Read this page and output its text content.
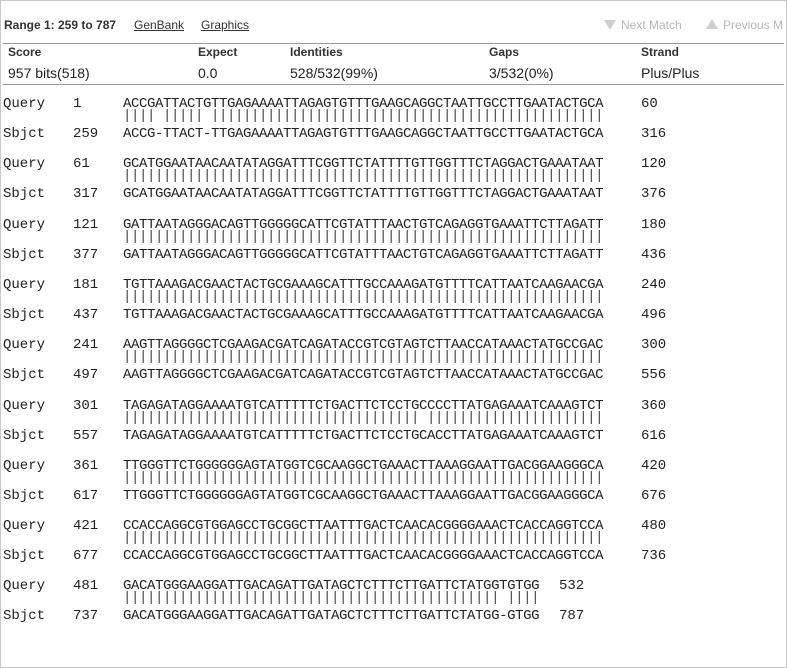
Range 1: 259 to 787 GenBank Graphics	Next Match	Previous M
Score	Expect	Identities	Gaps	Strand
957 bits(518)	0.0	528/532(99%)	3/532(0%)	Plus/Plus
Query 1	ACCGATTACTGTTGAGAAAATTAGAGTGTTTGAAGCAGGCTAATTGCCTTGAATACTGCA	60
|||| ||||| |||||||||||||||||||||||||||||||||||||||||||||||||
Sbjct 259 ACCG-TTACT-TTGAGAAAATTAGAGTGTTTGAAGCAGGCTAATTGCCTTGAATACTGCA	316
Query 61 GCATGGAATAACAATATAGGATTTCGGTTCTATTTTGTTGGTTTCTAGGACTGAAATAAT	120
||||||||||||||||||||||||||||||||||||||||||||||||||||||||||||
Sbjct 317 GCATGGAATAACAATATAGGATTTCGGTTCTATTTTGTTGGTTTCTAGGACTGAAATAAT	376
Query 121 GATTAATAGGGACAGTTGGGGGCATTCGTATTTAACTGTCAGAGGTGAAATTCTTAGATT	180
||||||||||||||||||||||||||||||||||||||||||||||||||||||||||||
Sbjct 377 GATTAATAGGGACAGTTGGGGGCATTCGTATTTAACTGTCAGAGGTGAAATTCTTAGATT	436
Query 181 TGTTAAAGACGAACTACTGCGAAAGCATTTGCCAAAGATGTTTTCATTAATCAAGAACGA	240
||||||||||||||||||||||||||||||||||||||||||||||||||||||||||||
Sbjct 437 TGTTAAAGACGAACTACTGCGAAAGCATTTGCCAAAGATGTTTTCATTAATCAAGAACGA	496
Query 241 AAGTTAGGGGCTCGAAGACGATCAGATACCGTCGTAGTCTTAACCATAAACTATGCCGAC	300
||||||||||||||||||||||||||||||||||||||||||||||||||||||||||||
Sbjct 497 AAGTTAGGGGCTCGAAGACGATCAGATACCGTCGTAGTCTTAACCATAAACTATGCCGAC	556
Query 301 TAGAGATAGGAAAATGTCATTTTTCTGACTTCTCCTGCCCCTTATGAGAAATCAAAGTCT	360
||||||||||||||||||||||||||||||||||||| ||||||||||||||||||||||
Sbjct 557 TAGAGATAGGAAAATGTCATTTTTCTGACTTCTCCTGCACCTTATGAGAAATCAAAGTCT	616
Query 361 TTGGGTTCTGGGGGGAGTATGGTCGCAAGGCTGAAACTTAAAGGAATTGACGGAAGGGCA	420
||||||||||||||||||||||||||||||||||||||||||||||||||||||||||||
Sbjct 617 TTGGGTTCTGGGGGGAGTATGGTCGCAAGGCTGAAACTTAAAGGAATTGACGGAAGGGCA	676
Query 421 CCACCAGGCGTGGAGCCTGCGGCTTAATTTGACTCAACACGGGGAAACTCACCAGGTCCA	480
||||||||||||||||||||||||||||||||||||||||||||||||||||||||||||
Sbjct 677 CCACCAGGCGTGGAGCCTGCGGCTTAATTTGACTCAACACGGGGAAACTCACCAGGTCCA	736
Query 481 GACATGGGAAGGATTGACAGATTGATAGCTCTTTCTTGATTCTATGGTGTGG 532
||||||||||||||||||||||||||||||||||||||||||||||| ||||
Sbjct 737 GACATGGGAAGGATTGACAGATTGATAGCTCTTTCTTGATTCTATGG-GTGG 787
